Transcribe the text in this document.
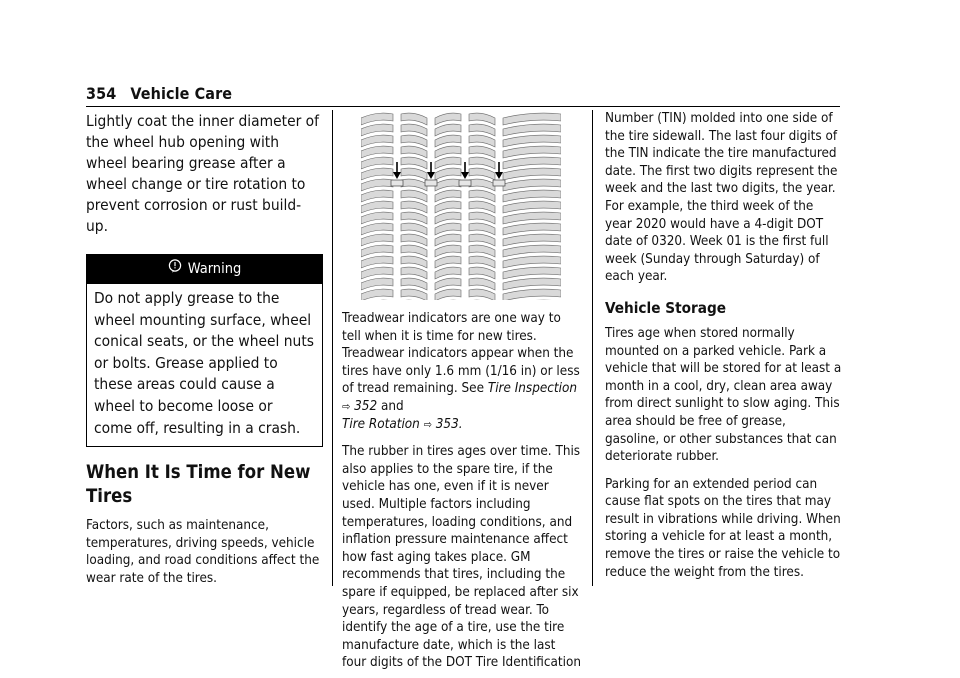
354 Vehicle Care

Lightly coat the inner diameter of the wheel hub opening with wheel bearing grease after a wheel change or tire rotation to prevent corrosion or rust build-up.

Warning

Do not apply grease to the wheel mounting surface, wheel conical seats, or the wheel nuts or bolts. Grease applied to these areas could cause a wheel to become loose or come off, resulting in a crash.

When It Is Time for New Tires

Factors, such as maintenance, temperatures, driving speeds, vehicle loading, and road conditions affect the wear rate of the tires.

Treadwear indicators are one way to tell when it is time for new tires. Treadwear indicators appear when the tires have only 1.6 mm (1/16 in) or less of tread remaining. See Tire Inspection ⇨ 352 and
Tire Rotation ⇨ 353.

The rubber in tires ages over time. This also applies to the spare tire, if the vehicle has one, even if it is never used. Multiple factors including temperatures, loading conditions, and inflation pressure maintenance affect how fast aging takes place. GM recommends that tires, including the spare if equipped, be replaced after six years, regardless of tread wear. To identify the age of a tire, use the tire manufacture date, which is the last four digits of the DOT Tire Identification

Number (TIN) molded into one side of the tire sidewall. The last four digits of the TIN indicate the tire manufactured date. The first two digits represent the week and the last two digits, the year. For example, the third week of the year 2020 would have a 4-digit DOT date of 0320. Week 01 is the first full week (Sunday through Saturday) of each year.

Vehicle Storage

Tires age when stored normally mounted on a parked vehicle. Park a vehicle that will be stored for at least a month in a cool, dry, clean area away from direct sunlight to slow aging. This area should be free of grease, gasoline, or other substances that can deteriorate rubber.

Parking for an extended period can cause flat spots on the tires that may result in vibrations while driving. When storing a vehicle for at least a month, remove the tires or raise the vehicle to reduce the weight from the tires.
